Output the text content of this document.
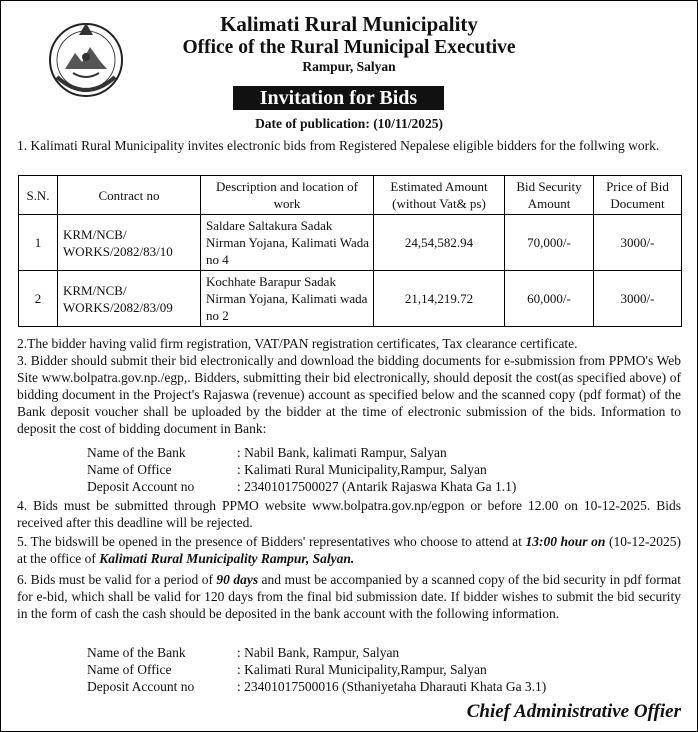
Kalimati Rural Municipality
Office of the Rural Municipal Executive
Rampur, Salyan
Invitation for Bids
Date of publication: (10/11/2025)
1. Kalimati Rural Municipality invites electronic bids from Registered Nepalese eligible bidders for the follwing work.
S.N.	Contract no	Description and location of work	Estimated Amount (without Vat& ps)	Bid Security Amount	Price of Bid Document
1	KRM/NCB/ WORKS/2082/83/10	Saldare Saltakura Sadak Nirman Yojana, Kalimati Wada no 4	24,54,582.94	70,000/-	3000/-
2	KRM/NCB/ WORKS/2082/83/09	Kochhate Barapur Sadak Nirman Yojana, Kalimati wada no 2	21,14,219.72	60,000/-	3000/-
2.The bidder having valid firm registration, VAT/PAN registration certificates, Tax clearance certificate.
3. Bidder should submit their bid electronically and download the bidding documents for e-submission from PPMO's Web Site www.bolpatra.gov.np./egp,. Bidders, submitting their bid electronically, should deposit the cost(as specified above) of bidding document in the Project's Rajaswa (revenue) account as specified below and the scanned copy (pdf format) of the Bank deposit voucher shall be uploaded by the bidder at the time of electronic submission of the bids. Information to deposit the cost of bidding document in Bank:
Name of the Bank	: Nabil Bank, kalimati Rampur, Salyan
Name of Office	: Kalimati Rural Municipality,Rampur, Salyan
Deposit Account no	: 23401017500027 (Antarik Rajaswa Khata Ga 1.1)
4. Bids must be submitted through PPMO website www.bolpatra.gov.np/egpon or before 12.00 on 10-12-2025. Bids received after this deadline will be rejected.
5. The bidswill be opened in the presence of Bidders' representatives who choose to attend at 13:00 hour on (10-12-2025) at the office of Kalimati Rural Municipality Rampur, Salyan.
6. Bids must be valid for a period of 90 days and must be accompanied by a scanned copy of the bid security in pdf format for e-bid, which shall be valid for 120 days from the final bid submission date. If bidder wishes to submit the bid security in the form of cash the cash should be deposited in the bank account with the following information.
Name of the Bank	: Nabil Bank, Rampur, Salyan
Name of Office	: Kalimati Rural Municipality,Rampur, Salyan
Deposit Account no	: 23401017500016 (Sthaniyetaha Dharauti Khata Ga 3.1)
Chief Administrative Offier
